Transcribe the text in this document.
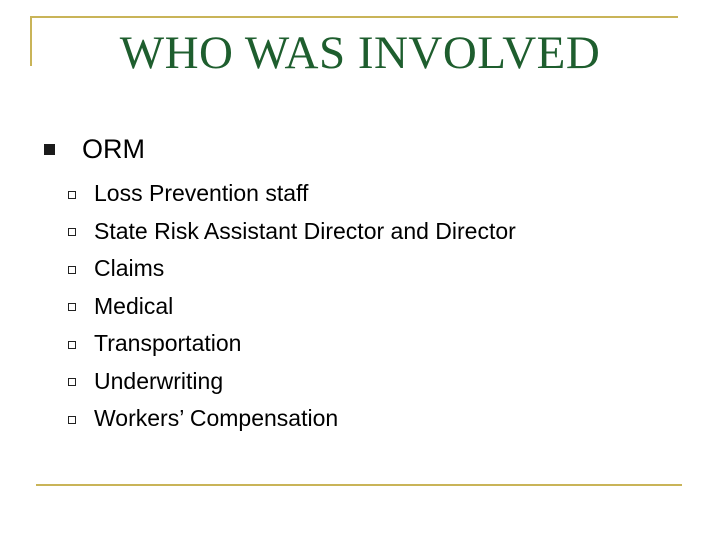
WHO WAS INVOLVED
ORM
Loss Prevention staff
State Risk Assistant Director and Director
Claims
Medical
Transportation
Underwriting
Workers’ Compensation
